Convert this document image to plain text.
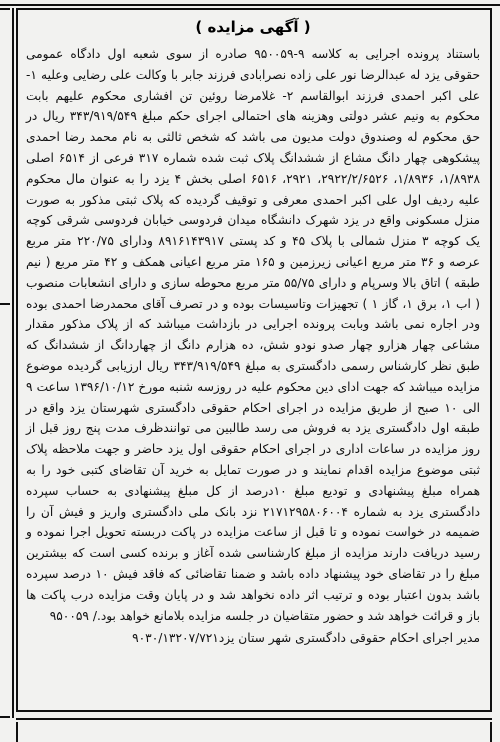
( آگهی مزایده )

باستناد پرونده اجرایی به کلاسه ۹-۹۵۰۰۵۹ صادره از سوی شعبه اول دادگاه عمومی حقوقی یزد له عبدالرضا نور علی زاده نصرابادی فرزند جابر با وکالت علی رضایی وعلیه ۱- علی اکبر احمدی فرزند ابوالقاسم ۲- غلامرضا روئین تن افشاری محکوم علیهم بابت محکوم به ونیم عشر دولتی وهزینه های احتمالی اجرای حکم مبلغ ۳۴۳/۹۱۹/۵۴۹ ریال در حق محکوم له وصندوق دولت مدیون می باشد که شخص ثالثی به نام محمد رضا احمدی پیشکوهی چهار دانگ مشاع از ششدانگ پلاک ثبت شده شماره ۳۱۷ فرعی از ۶۵۱۴ اصلی ۱/۸۹۳۸، ۱/۸۹۳۶، ۲۹۲۲/۲/۶۵۲۶، ۲۹۲۱، ۶۵۱۶ اصلی بخش ۴ یزد را به عنوان مال محکوم علیه ردیف اول علی اکبر احمدی معرفی و توقیف گردیده که پلاک ثبتی مذکور به صورت منزل مسکونی واقع در یزد شهرک دانشگاه میدان فردوسی خیابان فردوسی شرقی کوچه یک کوچه ۳ منزل شمالی با پلاک ۴۵ و کد پستی ۸۹۱۶۱۴۳۹۱۷ ودارای ۲۲۰/۷۵ متر مربع عرصه و ۳۶ متر مربع اعیانی زیرزمین و ۱۶۵ متر مربع اعیانی همکف و ۴۲ متر مربع ( نیم طبقه ) اتاق بالا وسرپام و دارای ۵۵/۷۵ متر مربع محوطه سازی و دارای انشعابات منصوب ( اب ۱، برق ۱، گاز ۱ ) تجهیزات وتاسیسات بوده و در تصرف آقای محمدرضا احمدی بوده ودر اجاره نمی باشد وبابت پرونده اجرایی در بازداشت میباشد که از پلاک مذکور مقدار مشاعی چهار هزارو چهار صدو نودو شش، ده هزارم دانگ از چهاردانگ از ششدانگ که طبق نظر کارشناس رسمی دادگستری به مبلغ ۳۴۳/۹۱۹/۵۴۹ ریال ارزیابی گردیده موضوع مزایده میباشد که جهت ادای دین محکوم علیه در روزسه شنبه مورخ ۱۳۹۶/۱۰/۱۲ ساعت ۹ الی ۱۰ صبح از طریق مزایده در اجرای احکام حقوقی دادگستری شهرستان یزد واقع در طبقه اول دادگستری یزد به فروش می رسد طالبین می توانندظرف مدت پنج روز قبل از روز مزایده در ساعات اداری در اجرای احکام حقوقی اول یزد حاضر و جهت ملاحظه پلاک ثبتی موضوع مزایده اقدام نمایند و در صورت تمایل به خرید آن تقاضای کتبی خود را به همراه مبلغ پیشنهادی و تودیع مبلغ ۱۰درصد از کل مبلغ پیشنهادی به حساب سپرده دادگستری یزد به شماره ۲۱۷۱۲۹۵۸۰۶۰۰۴ نزد بانک ملی دادگستری واریز و فیش آن را ضمیمه در خواست نموده و تا قبل از ساعت مزایده در پاکت دربسته تحویل اجرا نموده و رسید دریافت دارند مزایده از مبلغ کارشناسی شده آغاز و برنده کسی است که بیشترین مبلغ را در تقاضای خود پیشنهاد داده باشد و ضمنا تقاضائی که فاقد فیش ۱۰ درصد سپرده باشد بدون اعتبار بوده و ترتیب اثر داده نخواهد شد و در پایان وقت مزایده درب پاکت ها باز و قرائت خواهد شد و حضور متقاضیان در جلسه مزایده بلامانع خواهد بود./ ۹۵۰۰۵۹

مدیر اجرای احکام حقوقی دادگستری شهر ستان یزد۹۰۳۰/۱۳۲۰۷/۷۲۱
